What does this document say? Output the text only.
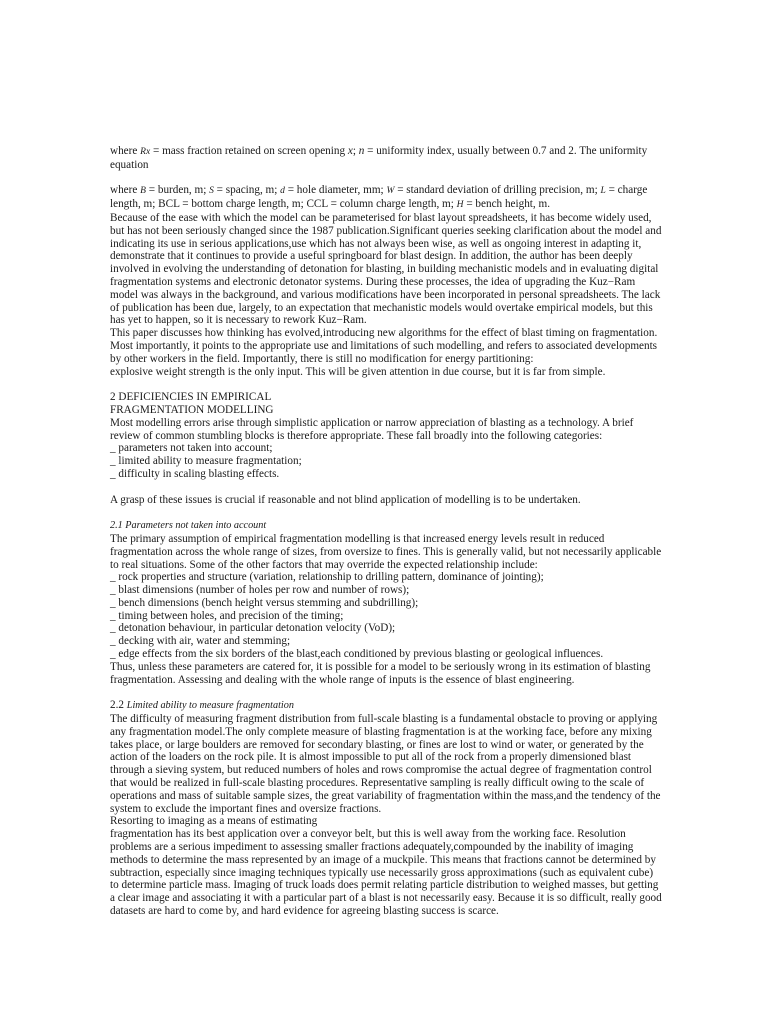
where Rx = mass fraction retained on screen opening x; n = uniformity index, usually between 0.7 and 2. The uniformity equation

where B = burden, m; S = spacing, m; d = hole diameter, mm; W = standard deviation of drilling precision, m; L = charge length, m; BCL = bottom charge length, m; CCL = column charge length, m; H = bench height, m.

Because of the ease with which the model can be parameterised for blast layout spreadsheets, it has become widely used, but has not been seriously changed since the 1987 publication.Significant queries seeking clarification about the model and indicating its use in serious applications,use which has not always been wise, as well as ongoing interest in adapting it, demonstrate that it continues to provide a useful springboard for blast design. In addition, the author has been deeply involved in evolving the understanding of detonation for blasting, in building mechanistic models and in evaluating digital fragmentation systems and electronic detonator systems. During these processes, the idea of upgrading the Kuz−Ram model was always in the background, and various modifications have been incorporated in personal spreadsheets. The lack of publication has been due, largely, to an expectation that mechanistic models would overtake empirical models, but this has yet to happen, so it is necessary to rework Kuz−Ram.

This paper discusses how thinking has evolved,introducing new algorithms for the effect of blast timing on fragmentation. Most importantly, it points to the appropriate use and limitations of such modelling, and refers to associated developments by other workers in the field. Importantly, there is still no modification for energy partitioning:

explosive weight strength is the only input. This will be given attention in due course, but it is far from simple.

2 DEFICIENCIES IN EMPIRICAL
FRAGMENTATION MODELLING

Most modelling errors arise through simplistic application or narrow appreciation of blasting as a technology. A brief review of common stumbling blocks is therefore appropriate. These fall broadly into the following categories:

_ parameters not taken into account;
_ limited ability to measure fragmentation;
_ difficulty in scaling blasting effects.

A grasp of these issues is crucial if reasonable and not blind application of modelling is to be undertaken.

2.1 Parameters not taken into account

The primary assumption of empirical fragmentation modelling is that increased energy levels result in reduced fragmentation across the whole range of sizes, from oversize to fines. This is generally valid, but not necessarily applicable to real situations. Some of the other factors that may override the expected relationship include:

_ rock properties and structure (variation, relationship to drilling pattern, dominance of jointing);
_ blast dimensions (number of holes per row and number of rows);
_ bench dimensions (bench height versus stemming and subdrilling);
_ timing between holes, and precision of the timing;
_ detonation behaviour, in particular detonation velocity (VoD);
_ decking with air, water and stemming;
_ edge effects from the six borders of the blast,each conditioned by previous blasting or geological influences.

Thus, unless these parameters are catered for, it is possible for a model to be seriously wrong in its estimation of blasting fragmentation. Assessing and dealing with the whole range of inputs is the essence of blast engineering.

2.2 Limited ability to measure fragmentation

The difficulty of measuring fragment distribution from full-scale blasting is a fundamental obstacle to proving or applying any fragmentation model.The only complete measure of blasting fragmentation is at the working face, before any mixing takes place, or large boulders are removed for secondary blasting, or fines are lost to wind or water, or generated by the action of the loaders on the rock pile. It is almost impossible to put all of the rock from a properly dimensioned blast through a sieving system, but reduced numbers of holes and rows compromise the actual degree of fragmentation control that would be realized in full-scale blasting procedures. Representative sampling is really difficult owing to the scale of operations and mass of suitable sample sizes, the great variability of fragmentation within the mass,and the tendency of the system to exclude the important fines and oversize fractions.

Resorting to imaging as a means of estimating

fragmentation has its best application over a conveyor belt, but this is well away from the working face. Resolution problems are a serious impediment to assessing smaller fractions adequately,compounded by the inability of imaging methods to determine the mass represented by an image of a muckpile. This means that fractions cannot be determined by subtraction, especially since imaging techniques typically use necessarily gross approximations (such as equivalent cube) to determine particle mass. Imaging of truck loads does permit relating particle distribution to weighed masses, but getting a clear image and associating it with a particular part of a blast is not necessarily easy. Because it is so difficult, really good datasets are hard to come by, and hard evidence for agreeing blasting success is scarce.
